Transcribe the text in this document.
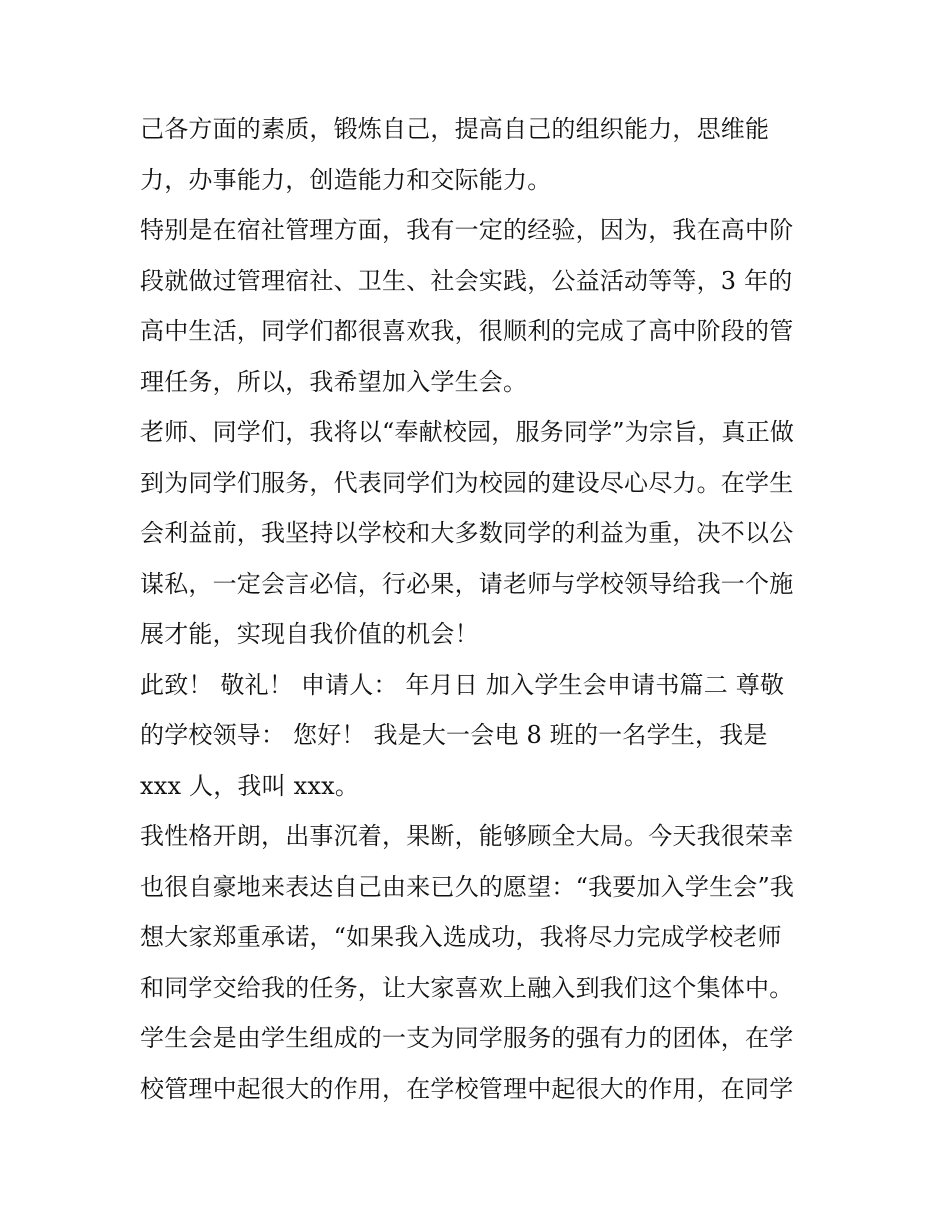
己各方面的素质，锻炼自己，提高自己的组织能力，思维能
力，办事能力，创造能力和交际能力。
特别是在宿社管理方面，我有一定的经验，因为，我在高中阶
段就做过管理宿社、卫生、社会实践，公益活动等等，3 年的
高中生活，同学们都很喜欢我，很顺利的完成了高中阶段的管
理任务，所以，我希望加入学生会。
老师、同学们，我将以“奉献校园，服务同学”为宗旨，真正做
到为同学们服务，代表同学们为校园的建设尽心尽力。在学生
会利益前，我坚持以学校和大多数同学的利益为重，决不以公
谋私，一定会言必信，行必果，请老师与学校领导给我一个施
展才能，实现自我价值的机会！
此致！ 敬礼！ 申请人： 年月日 加入学生会申请书篇二 尊敬
的学校领导： 您好！ 我是大一会电 8 班的一名学生，我是
xxx 人，我叫 xxx。
我性格开朗，出事沉着，果断，能够顾全大局。今天我很荣幸
也很自豪地来表达自己由来已久的愿望：“我要加入学生会”我
想大家郑重承诺，“如果我入选成功，我将尽力完成学校老师
和同学交给我的任务，让大家喜欢上融入到我们这个集体中。
学生会是由学生组成的一支为同学服务的强有力的团体，在学
校管理中起很大的作用，在学校管理中起很大的作用，在同学
